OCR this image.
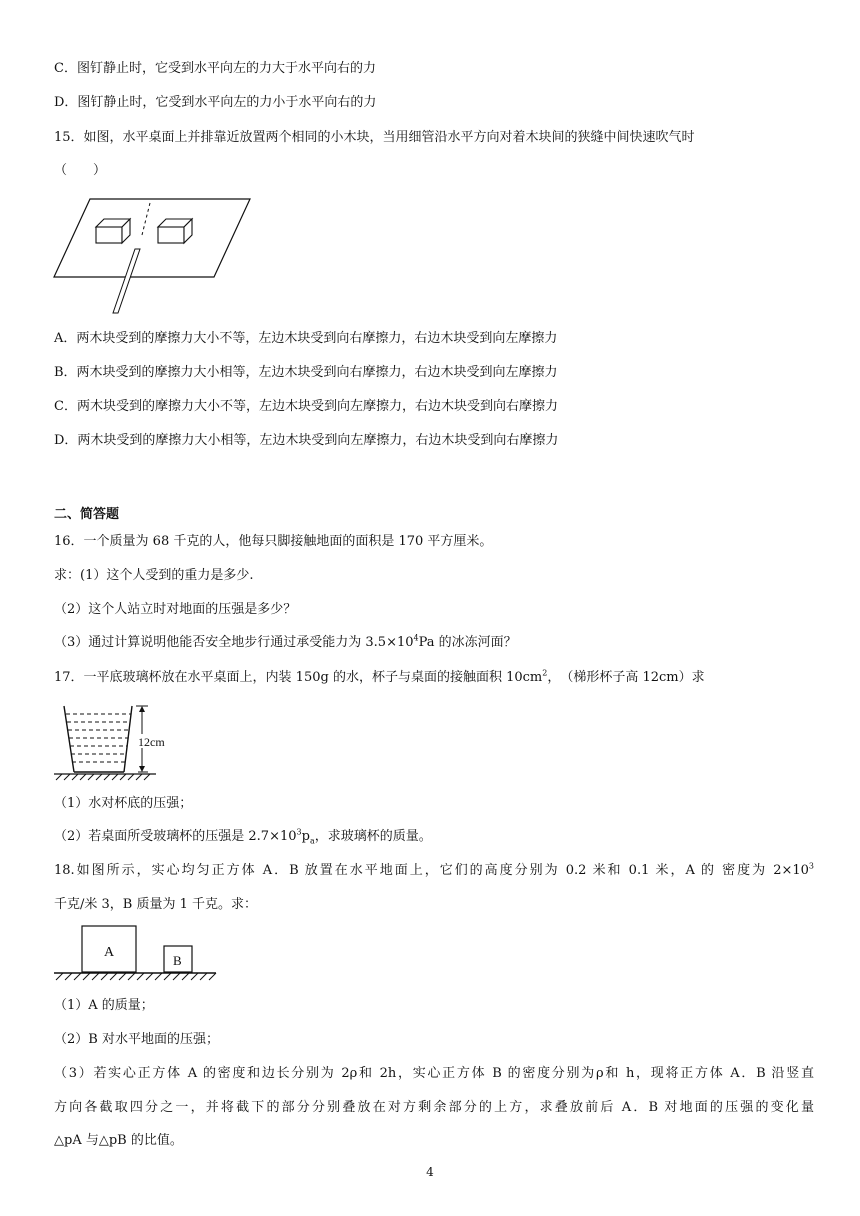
C．图钉静止时，它受到水平向左的力大于水平向右的力
D．图钉静止时，它受到水平向左的力小于水平向右的力
15．如图，水平桌面上并排靠近放置两个相同的小木块，当用细管沿水平方向对着木块间的狭缝中间快速吹气时
（　　）
A．两木块受到的摩擦力大小不等，左边木块受到向右摩擦力，右边木块受到向左摩擦力
B．两木块受到的摩擦力大小相等，左边木块受到向右摩擦力，右边木块受到向左摩擦力
C．两木块受到的摩擦力大小不等，左边木块受到向左摩擦力，右边木块受到向右摩擦力
D．两木块受到的摩擦力大小相等，左边木块受到向左摩擦力，右边木块受到向右摩擦力
二、简答题
16．一个质量为 68 千克的人，他每只脚接触地面的面积是 170 平方厘米。
求：(1）这个人受到的重力是多少.
（2）这个人站立时对地面的压强是多少？
（3）通过计算说明他能否安全地步行通过承受能力为 $3.5\times 10^4Pa$ 的冰冻河面？
17．一平底玻璃杯放在水平桌面上，内装 150g 的水，杯子与桌面的接触面积 $10cm^2$，　（梯形杯子高 12cm）求
12cm
（1）水对杯底的压强；
（2）若桌面所受玻璃杯的压强是 $2.7\times 10^3p_a$，求玻璃杯的质量。
18.如图所示，实心均匀正方体 A．B 放置在水平地面上，它们的高度分别为 0.2 米和 0.1 米，A 的 密度为 $2\times 10^3$
千克/米 3，B 质量为 1 千克。求：
A
B
（1）A 的质量；
（2）B 对水平地面的压强；
（3）若实心正方体 A 的密度和边长分别为 2ρ和 2h，实心正方体 B 的密度分别为ρ和 h，现将正方体 A．B 沿竖直
方向各截取四分之一，并将截下的部分分别叠放在对方剩余部分的上方，求叠放前后 A．B 对地面的压强的变化量
△pA 与△pB 的比值。
4
